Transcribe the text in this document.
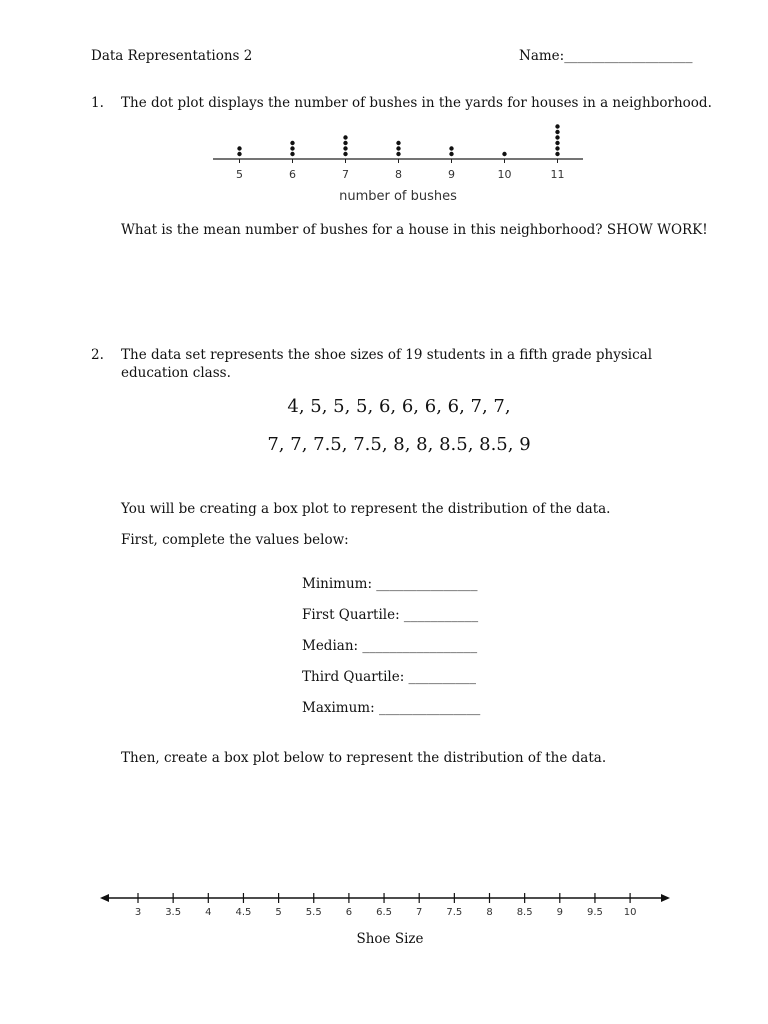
Data Representations 2	Name:___________________
1. The dot plot displays the number of bushes in the yards for houses in a neighborhood.
5	6	7	8	9	10	11
number of bushes
What is the mean number of bushes for a house in this neighborhood? SHOW WORK!
2. The data set represents the shoe sizes of 19 students in a fifth grade physical
education class.
4, 5, 5, 5, 6, 6, 6, 6, 7, 7,
7, 7, 7.5, 7.5, 8, 8, 8.5, 8.5, 9
You will be creating a box plot to represent the distribution of the data.
First, complete the values below:
Minimum: _______________
First Quartile: ___________
Median: _________________
Third Quartile: __________
Maximum: _______________
Then, create a box plot below to represent the distribution of the data.
3 3.5 4 4.5 5 5.5 6 6.5 7 7.5 8 8.5 9 9.5 10
Shoe Size
